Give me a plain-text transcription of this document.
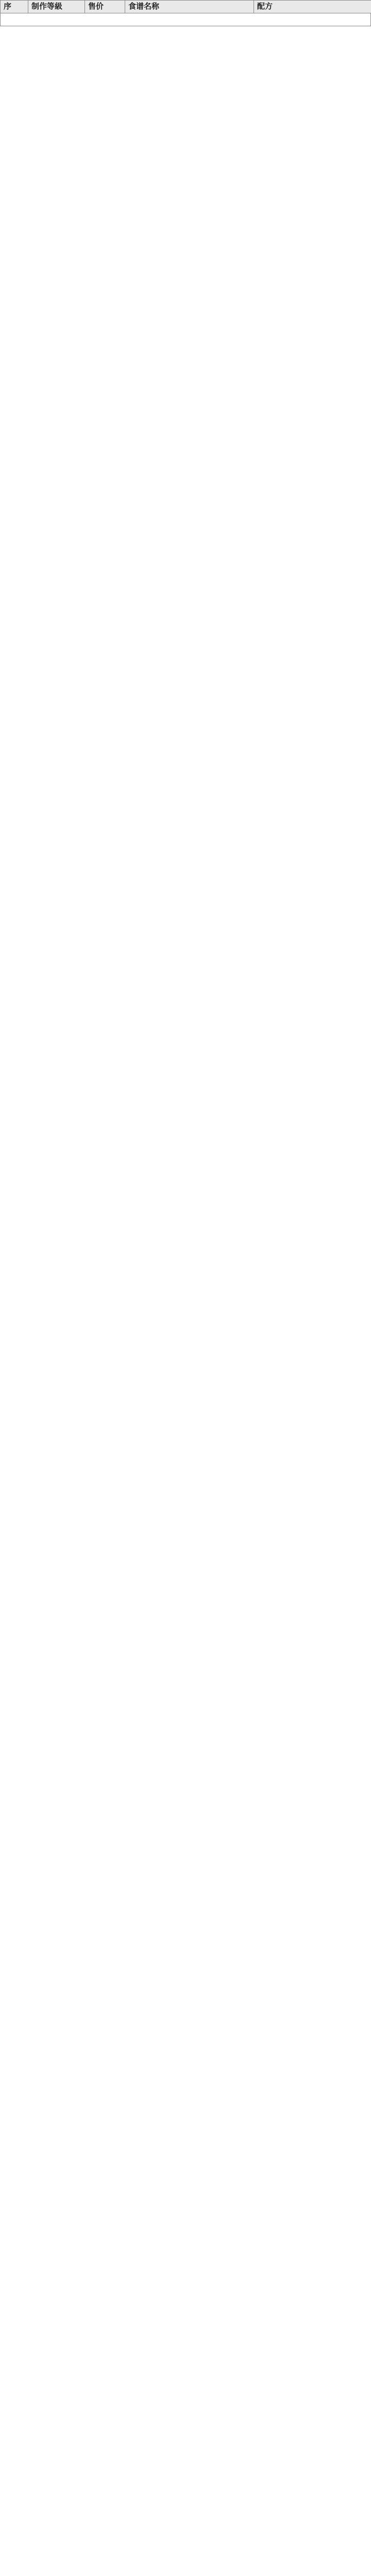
序	制作等級	售价	食谱名称	配方
